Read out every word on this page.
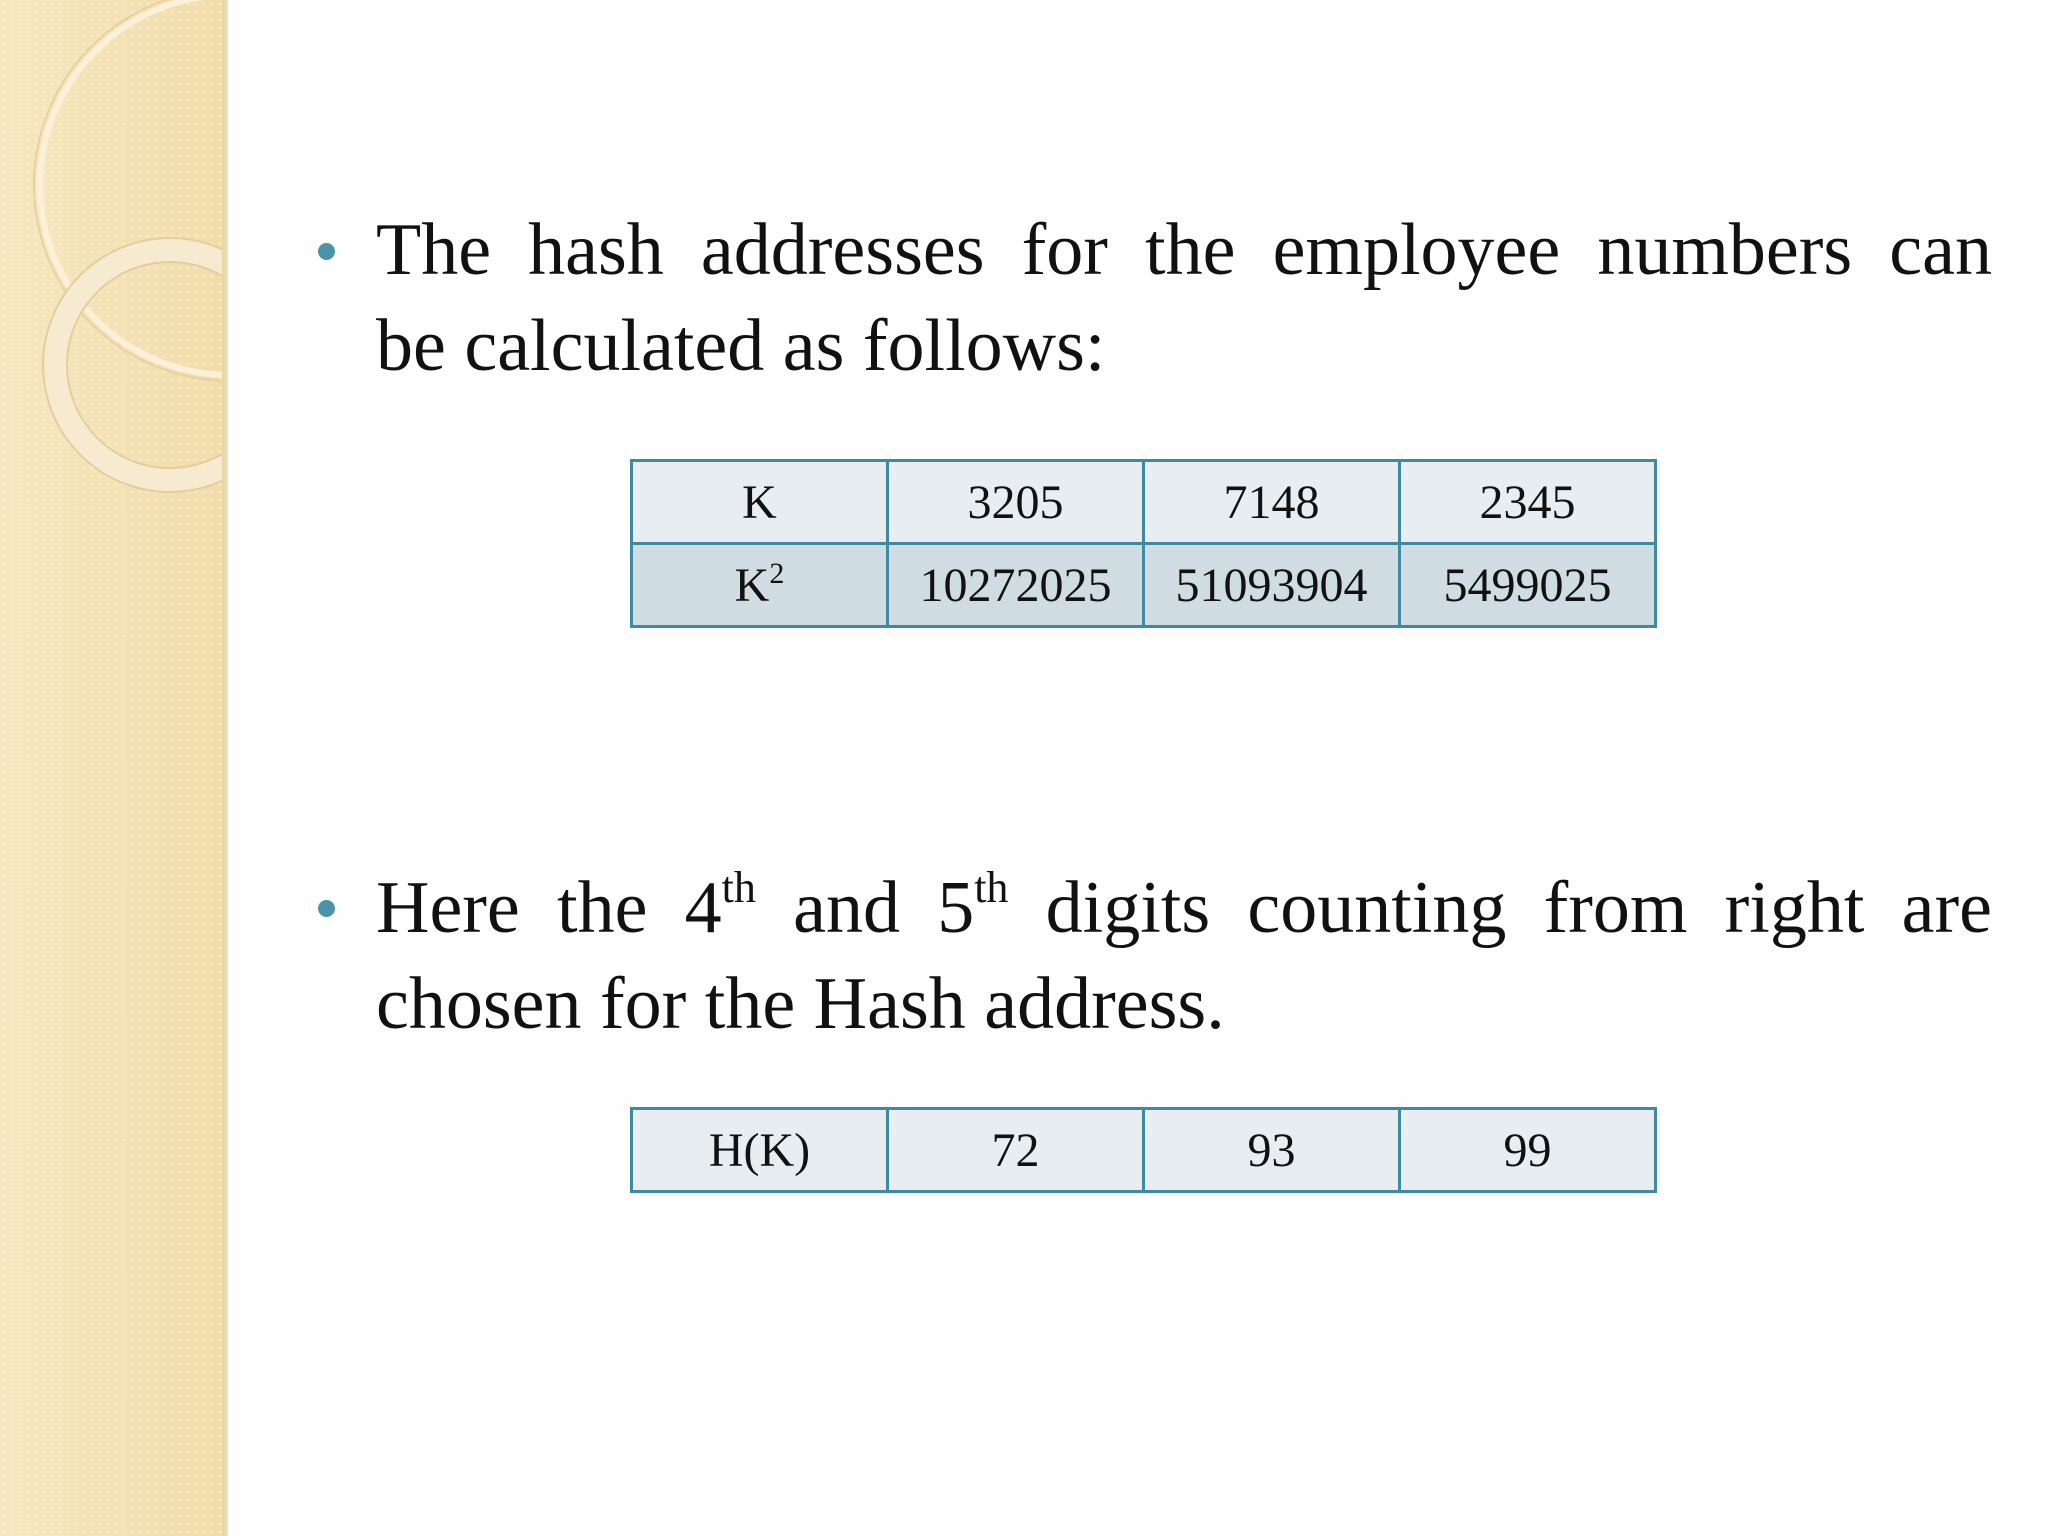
The hash addresses for the employee numbers can
be calculated as follows:

K	3205	7148	2345
$K^2$	10272025	51093904	5499025

Here the 4th and 5th digits counting from right are
chosen for the Hash address.

H(K)	72	93	99
